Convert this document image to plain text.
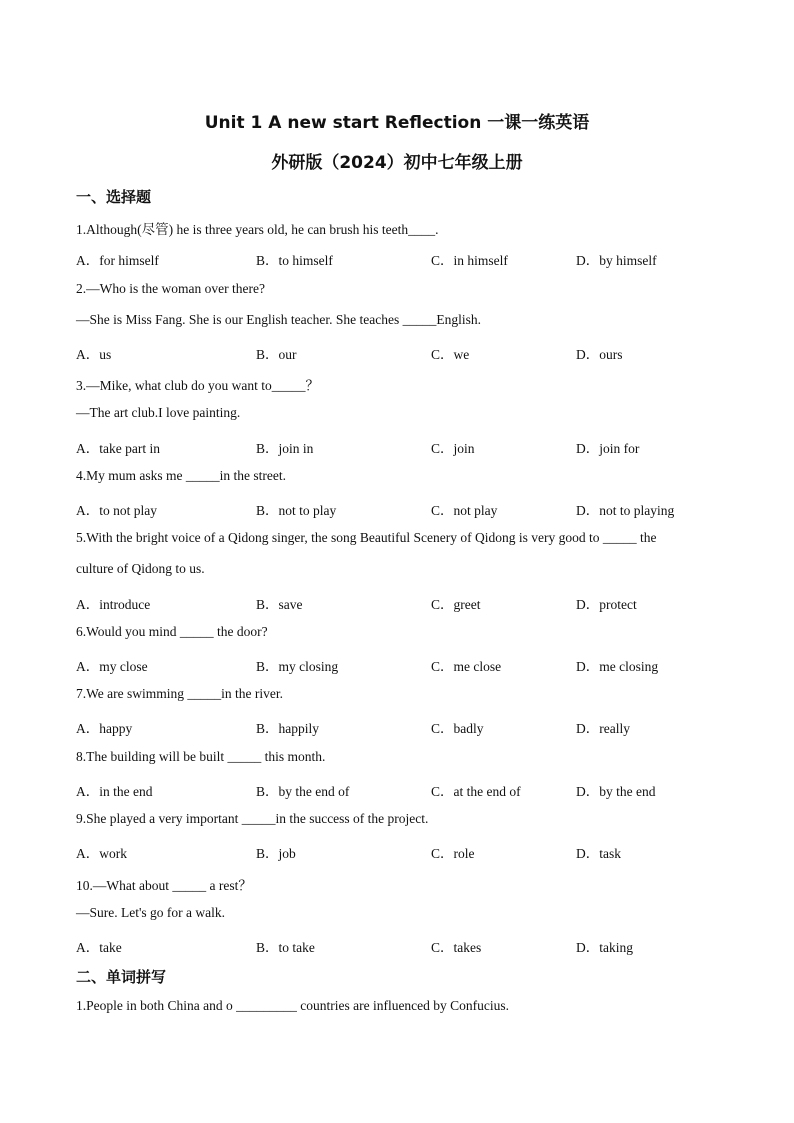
Unit 1 A new start Reflection 一课一练英语
外研版（2024）初中七年级上册
一、选择题
1.Although(尽管) he is three years old, he can brush his teeth____.
A．for himself	B．to himself	C．in himself	D．by himself
2.—Who is the woman over there?
—She is Miss Fang. She is our English teacher. She teaches _____English.
A．us	B．our	C．we	D．ours
3.—Mike, what club do you want to_____？
—The art club.I love painting.
A．take part in	B．join in	C．join	D．join for
4.My mum asks me _____in the street.
A．to not play	B．not to play	C．not play	D．not to playing
5.With the bright voice of a Qidong singer, the song Beautiful Scenery of Qidong is very good to _____ the
culture of Qidong to us.
A．introduce	B．save	C．greet	D．protect
6.Would you mind _____ the door?
A．my close	B．my closing	C．me close	D．me closing
7.We are swimming _____in the river.
A．happy	B．happily	C．badly	D．really
8.The building will be built _____ this month.
A．in the end	B．by the end of	C．at the end of	D．by the end
9.She played a very important _____in the success of the project.
A．work	B．job	C．role	D．task
10.—What about _____ a rest？
—Sure. Let's go for a walk.
A．take	B．to take	C．takes	D．taking
二、单词拼写
1.People in both China and o _________ countries are influenced by Confucius.
